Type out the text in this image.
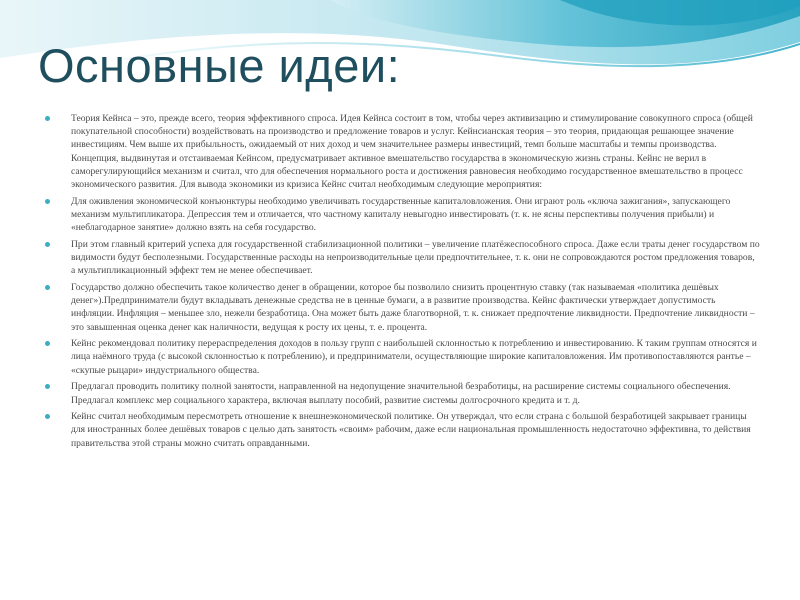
Основные идеи:
Теория Кейнса – это, прежде всего, теория эффективного спроса. Идея Кейнса состоит в том, чтобы через активизацию и стимулирование совокупного спроса (общей покупательной способности) воздействовать на производство и предложение товаров и услуг. Кейнсианская теория – это теория, придающая решающее значение инвестициям. Чем выше их прибыльность, ожидаемый от них доход и чем значительнее размеры инвестиций, темп больше масштабы и темпы производства. Концепция, выдвинутая и отстаиваемая Кейнсом, предусматривает активное вмешательство государства в экономическую жизнь страны. Кейнс не верил в саморегулирующийся механизм и считал, что для обеспечения нормального роста и достижения равновесия необходимо государственное вмешательство в процесс экономического развития. Для вывода экономики из кризиса Кейнс считал необходимым следующие мероприятия:
Для оживления экономической конъюнктуры необходимо увеличивать государственные капиталовложения. Они играют роль «ключа зажигания», запускающего механизм мультипликатора. Депрессия тем и отличается, что частному капиталу невыгодно инвестировать (т. к. не ясны перспективы получения прибыли) и «неблагодарное занятие» должно взять на себя государство.
При этом главный критерий успеха для государственной стабилизационной политики – увеличение платёжеспособного спроса. Даже если траты денег государством по видимости будут бесполезными. Государственные расходы на непроизводительные цели предпочтительнее, т. к. они не сопровождаются ростом предложения товаров, а мультипликационный эффект тем не менее обеспечивает.
Государство должно обеспечить такое количество денег в обращении, которое бы позволило снизить процентную ставку (так называемая «политика дешёвых денег»).Предприниматели будут вкладывать денежные средства не в ценные бумаги, а в развитие производства. Кейнс фактически утверждает допустимость инфляции. Инфляция – меньшее зло, нежели безработица. Она может быть даже благотворной, т. к. снижает предпочтение ликвидности. Предпочтение ликвидности – это завышенная оценка денег как наличности, ведущая к росту их цены, т. е. процента.
Кейнс рекомендовал политику перераспределения доходов в пользу групп с наибольшей склонностью к потреблению и инвестированию. К таким группам относятся и лица наёмного труда (с высокой склонностью к потреблению), и предприниматели, осуществляющие широкие капиталовложения. Им противопоставляются рантье – «скупые рыцари» индустриального общества.
Предлагал проводить политику полной занятости, направленной на недопущение значительной безработицы, на расширение системы социального обеспечения. Предлагал комплекс мер социального характера, включая выплату пособий, развитие системы долгосрочного кредита и т. д.
Кейнс считал необходимым пересмотреть отношение к внешнеэкономической политике. Он утверждал, что если страна с большой безработицей закрывает границы для иностранных более дешёвых товаров с целью дать занятость «своим» рабочим, даже если национальная промышленность недостаточно эффективна, то действия правительства этой страны можно считать оправданными.
